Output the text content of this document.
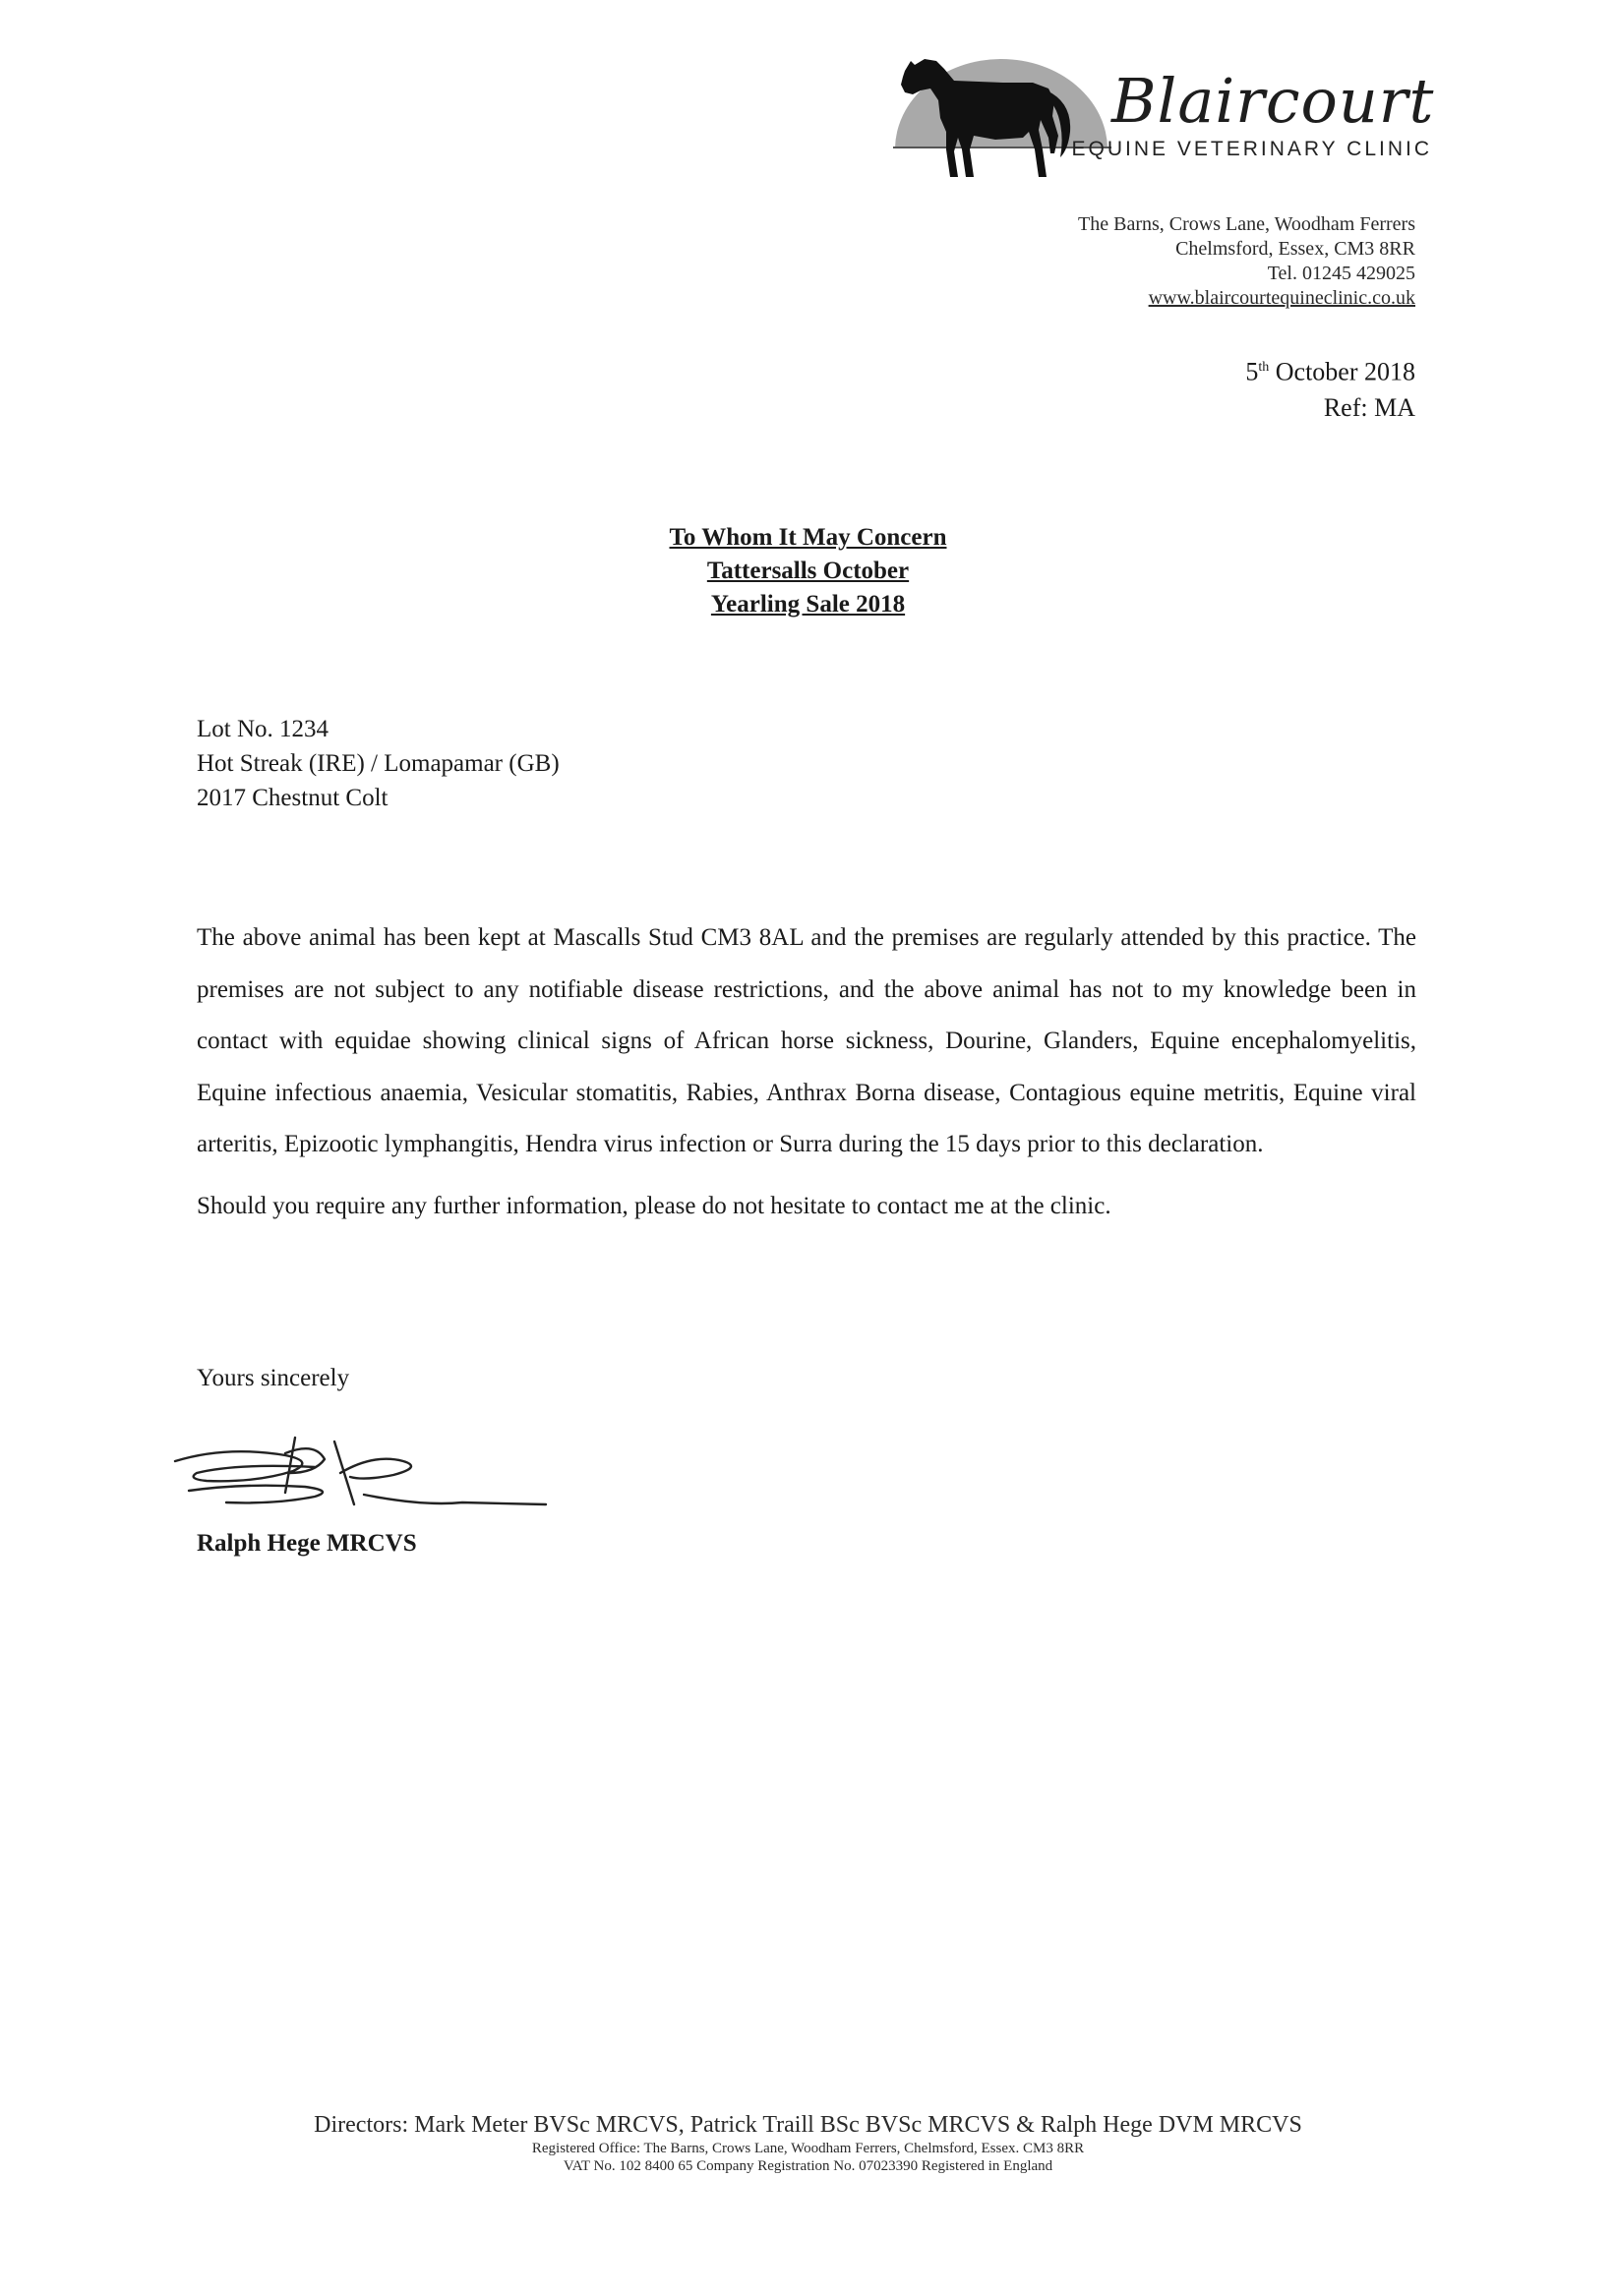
Blaircourt
EQUINE VETERINARY CLINIC
The Barns, Crows Lane, Woodham Ferrers
Chelmsford, Essex, CM3 8RR
Tel. 01245 429025
www.blaircourtequineclinic.co.uk
5th October 2018
Ref: MA
To Whom It May Concern
Tattersalls October
Yearling Sale 2018
Lot No. 1234
Hot Streak (IRE) / Lomapamar (GB)
2017 Chestnut Colt

The above animal has been kept at Mascalls Stud CM3 8AL and the premises are regularly attended by this practice. The premises are not subject to any notifiable disease restrictions, and the above animal has not to my knowledge been in contact with equidae showing clinical signs of African horse sickness, Dourine, Glanders, Equine encephalomyelitis, Equine infectious anaemia, Vesicular stomatitis, Rabies, Anthrax Borna disease, Contagious equine metritis, Equine viral arteritis, Epizootic lymphangitis, Hendra virus infection or Surra during the 15 days prior to this declaration.

Should you require any further information, please do not hesitate to contact me at the clinic.

Yours sincerely
Ralph Hege MRCVS
Directors: Mark Meter BVSc MRCVS, Patrick Traill BSc BVSc MRCVS & Ralph Hege DVM MRCVS
Registered Office: The Barns, Crows Lane, Woodham Ferrers, Chelmsford, Essex. CM3 8RR
VAT No. 102 8400 65 Company Registration No. 07023390 Registered in England
